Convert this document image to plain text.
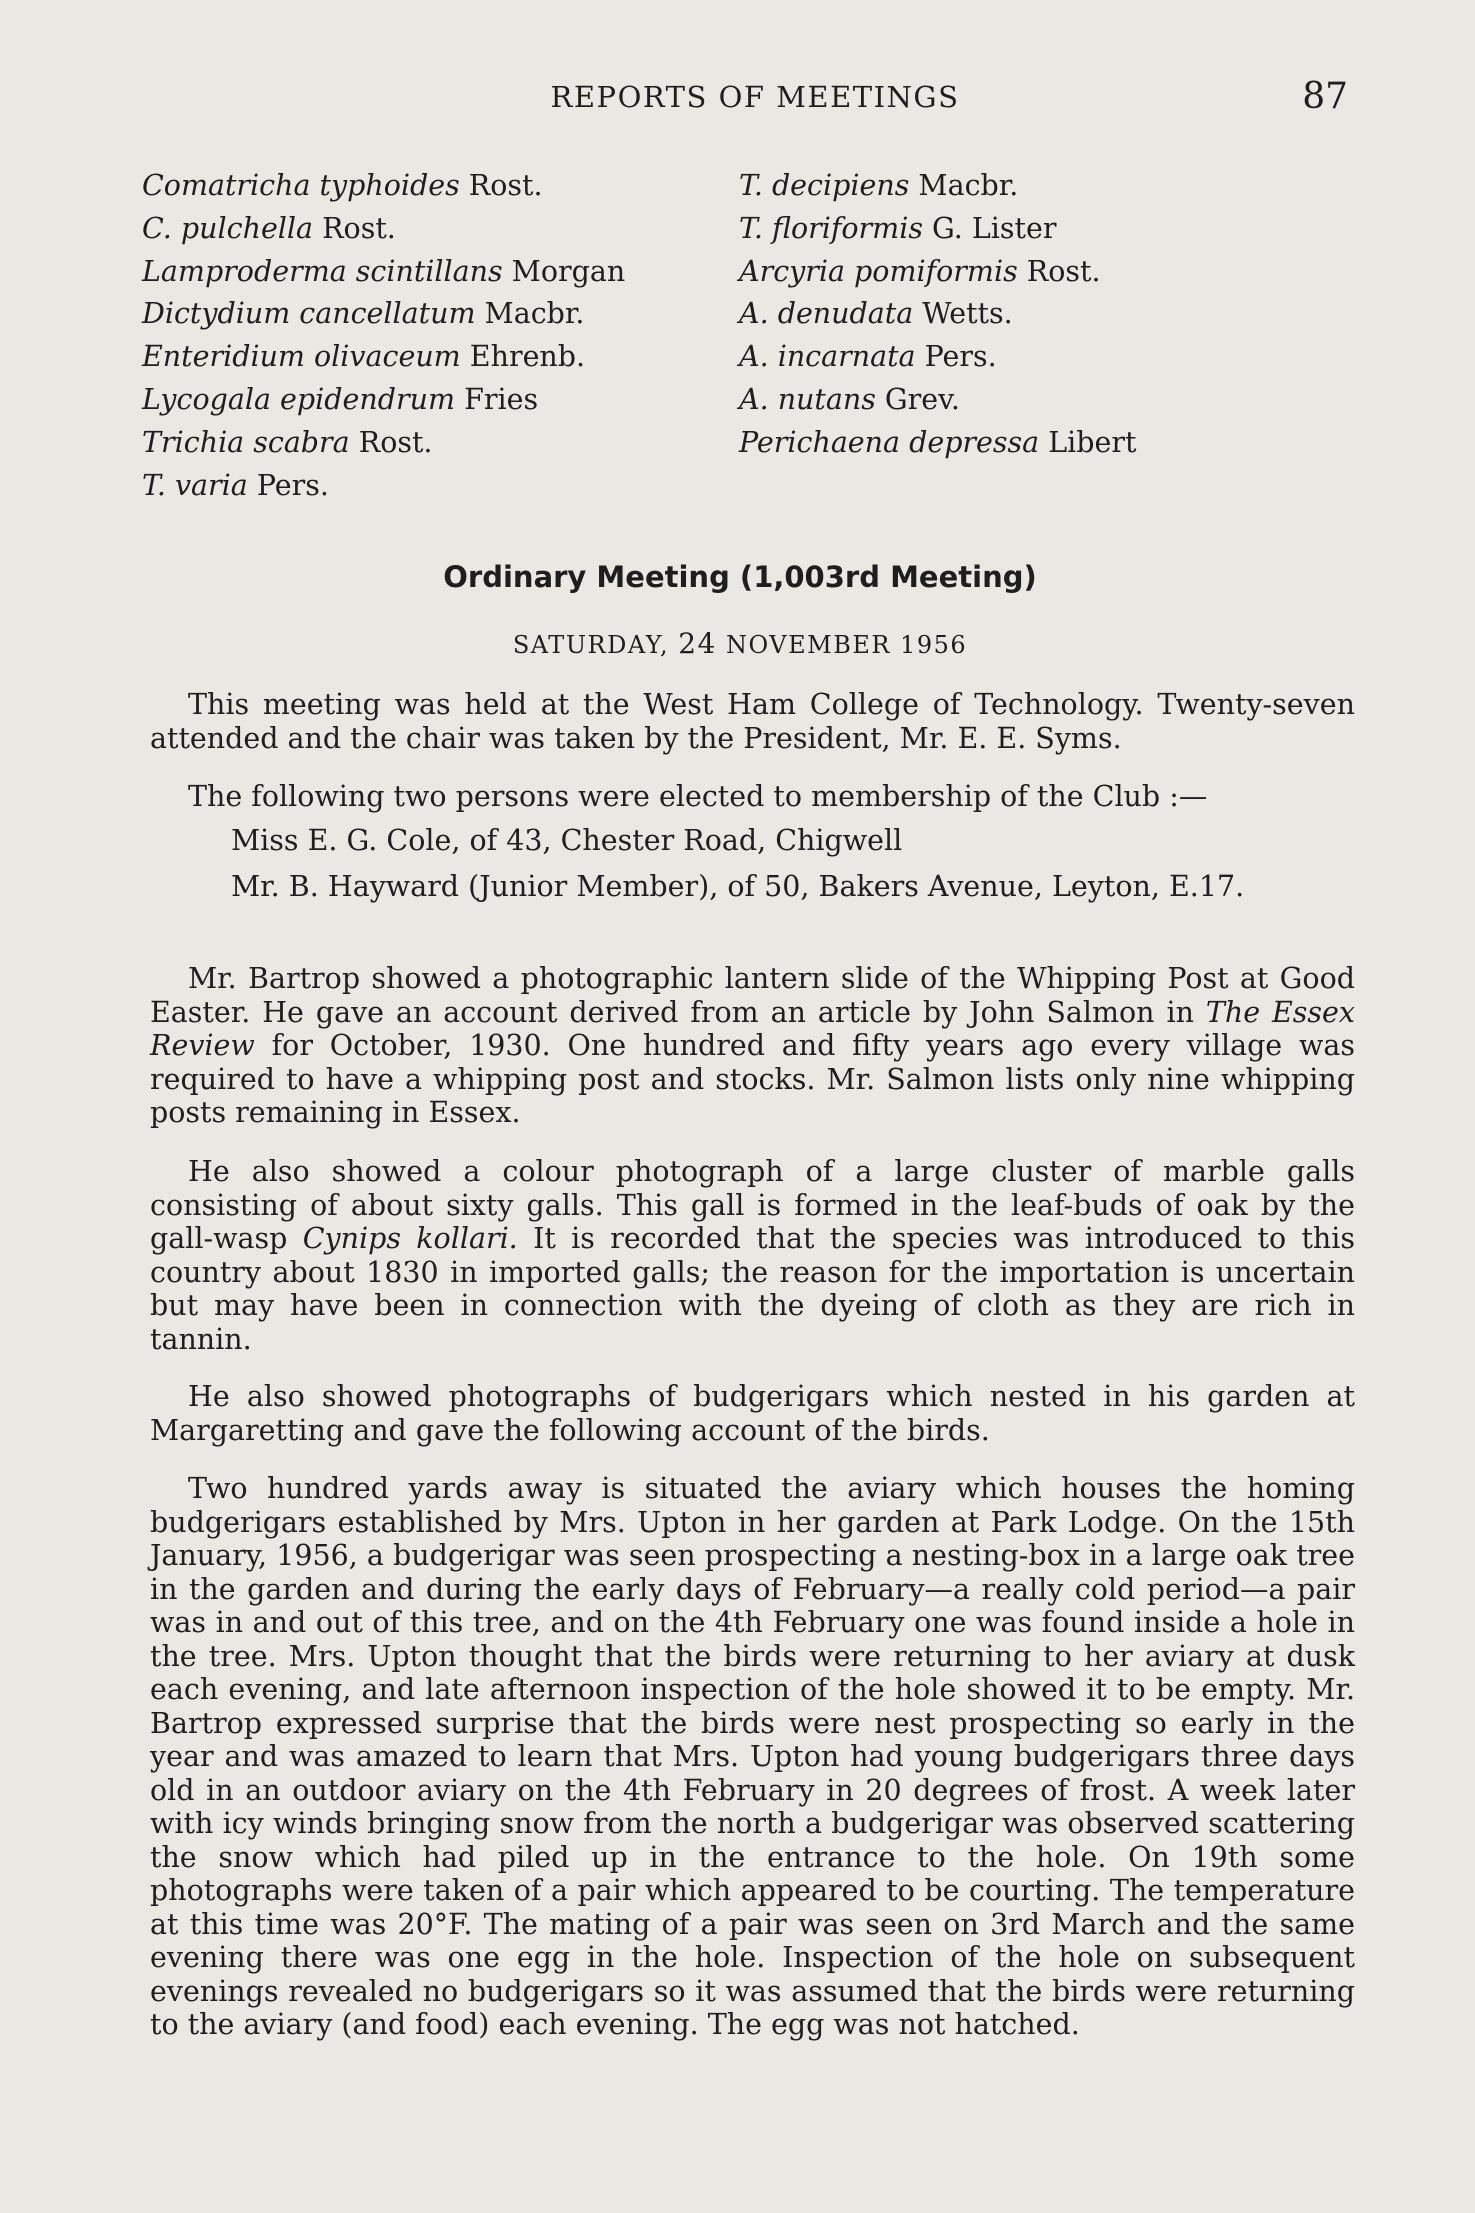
REPORTS OF MEETINGS	87
Comatricha typhoides Rost.	T. decipiens Macbr.
C. pulchella Rost.	T. floriformis G. Lister
Lamproderma scintillans Morgan	Arcyria pomiformis Rost.
Dictydium cancellatum Macbr.	A. denudata Wetts.
Enteridium olivaceum Ehrenb.	A. incarnata Pers.
Lycogala epidendrum Fries	A. nutans Grev.
Trichia scabra Rost.	Perichaena depressa Libert
T. varia Pers.
Ordinary Meeting (1,003rd Meeting)
SATURDAY, 24 NOVEMBER 1956

This meeting was held at the West Ham College of Technology. Twenty-seven attended and the chair was taken by the President, Mr. E. E. Syms.

The following two persons were elected to membership of the Club :—

Miss E. G. Cole, of 43, Chester Road, Chigwell

Mr. B. Hayward (Junior Member), of 50, Bakers Avenue, Leyton, E.17.

Mr. Bartrop showed a photographic lantern slide of the Whipping Post at Good Easter. He gave an account derived from an article by John Salmon in The Essex Review for October, 1930. One hundred and fifty years ago every village was required to have a whipping post and stocks. Mr. Salmon lists only nine whipping posts remaining in Essex.

He also showed a colour photograph of a large cluster of marble galls consisting of about sixty galls. This gall is formed in the leaf-buds of oak by the gall-wasp Cynips kollari. It is recorded that the species was introduced to this country about 1830 in imported galls; the reason for the importation is uncertain but may have been in connection with the dyeing of cloth as they are rich in tannin.

He also showed photographs of budgerigars which nested in his garden at Margaretting and gave the following account of the birds.

Two hundred yards away is situated the aviary which houses the homing budgerigars established by Mrs. Upton in her garden at Park Lodge. On the 15th January, 1956, a budgerigar was seen prospecting a nesting-box in a large oak tree in the garden and during the early days of February—a really cold period—a pair was in and out of this tree, and on the 4th February one was found inside a hole in the tree. Mrs. Upton thought that the birds were returning to her aviary at dusk each evening, and late afternoon inspection of the hole showed it to be empty. Mr. Bartrop expressed surprise that the birds were nest prospecting so early in the year and was amazed to learn that Mrs. Upton had young budgerigars three days old in an outdoor aviary on the 4th February in 20 degrees of frost. A week later with icy winds bringing snow from the north a budgerigar was observed scattering the snow which had piled up in the entrance to the hole. On 19th some photographs were taken of a pair which appeared to be courting. The temperature at this time was 20°F. The mating of a pair was seen on 3rd March and the same evening there was one egg in the hole. Inspection of the hole on subsequent evenings revealed no budgerigars so it was assumed that the birds were returning to the aviary (and food) each evening. The egg was not hatched.
